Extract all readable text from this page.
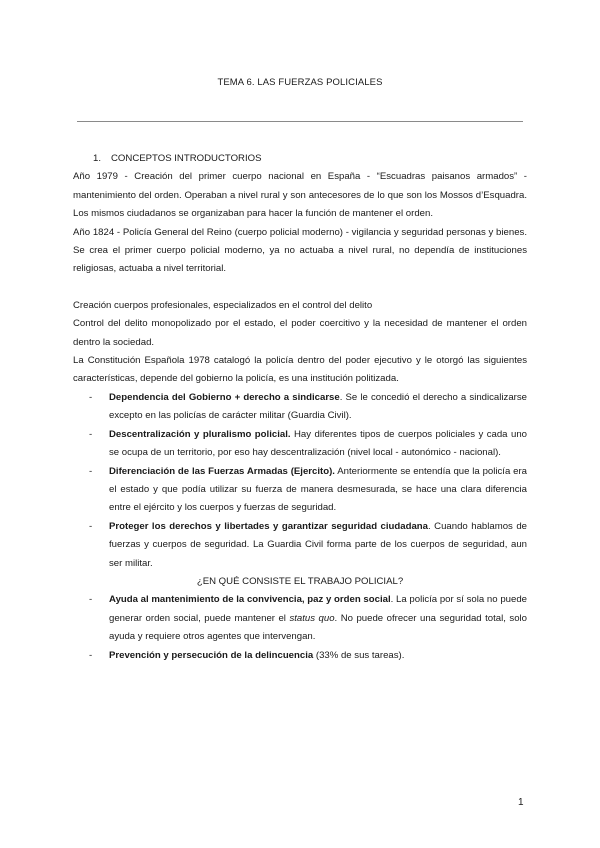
TEMA 6. LAS FUERZAS POLICIALES

1. CONCEPTOS INTRODUCTORIOS

Año 1979 - Creación del primer cuerpo nacional en España - “Escuadras paisanos armados” - mantenimiento del orden. Operaban a nivel rural y son antecesores de lo que son los Mossos d’Esquadra. Los mismos ciudadanos se organizaban para hacer la función de mantener el orden.

Año 1824 - Policía General del Reino (cuerpo policial moderno) - vigilancia y seguridad personas y bienes. Se crea el primer cuerpo policial moderno, ya no actuaba a nivel rural, no dependía de instituciones religiosas, actuaba a nivel territorial.

Creación cuerpos profesionales, especializados en el control del delito

Control del delito monopolizado por el estado, el poder coercitivo y la necesidad de mantener el orden dentro la sociedad.

La Constitución Española 1978 catalogó la policía dentro del poder ejecutivo y le otorgó las siguientes características, depende del gobierno la policía, es una institución politizada.

- Dependencia del Gobierno + derecho a sindicarse. Se le concedió el derecho a sindicalizarse excepto en las policías de carácter militar (Guardia Civil).
- Descentralización y pluralismo policial. Hay diferentes tipos de cuerpos policiales y cada uno se ocupa de un territorio, por eso hay descentralización (nivel local - autonómico - nacional).
- Diferenciación de las Fuerzas Armadas (Ejercito). Anteriormente se entendía que la policía era el estado y que podía utilizar su fuerza de manera desmesurada, se hace una clara diferencia entre el ejército y los cuerpos y fuerzas de seguridad.
- Proteger los derechos y libertades y garantizar seguridad ciudadana. Cuando hablamos de fuerzas y cuerpos de seguridad. La Guardia Civil forma parte de los cuerpos de seguridad, aun ser militar.

¿EN QUÉ CONSISTE EL TRABAJO POLICIAL?

- Ayuda al mantenimiento de la convivencia, paz y orden social. La policía por sí sola no puede generar orden social, puede mantener el status quo. No puede ofrecer una seguridad total, solo ayuda y requiere otros agentes que intervengan.
- Prevención y persecución de la delincuencia (33% de sus tareas).
1
